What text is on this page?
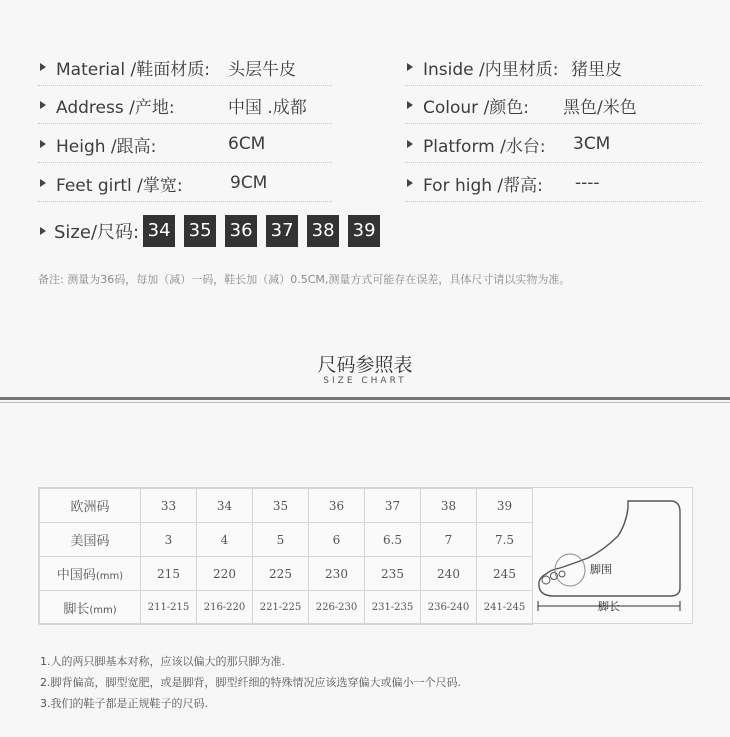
Material /鞋面材质: 头层牛皮	Inside /内里材质: 猪里皮
Address /产地:	中国 .成都	Colour /颜色: 黑色/米色
Heigh /跟高:	6CM	Platform /水台: 3CM
Feet girtl /掌宽:	9CM	For high /帮高: ----
Size/尺码: 34 35 36 37 38 39
备注: 测量为36码，每加（减）一码，鞋长加（减）0.5CM,测量方式可能存在误差，具体尺寸请以实物为准。
尺码参照表
SIZE CHART
欧洲码	33	34	35	36	37	38	39
美国码	3	4	5	6	6.5	7	7.5
中国码(mm)	215	220	225	230	235	240	245
脚长(mm)	211-215	216-220	221-225	226-230	231-235	236-240	241-245
脚围
脚长
1.人的两只脚基本对称，应该以偏大的那只脚为准.
2.脚背偏高，脚型宽肥，或是脚背，脚型纤细的特殊情况应该选穿偏大或偏小一个尺码.
3.我们的鞋子都是正规鞋子的尺码.
